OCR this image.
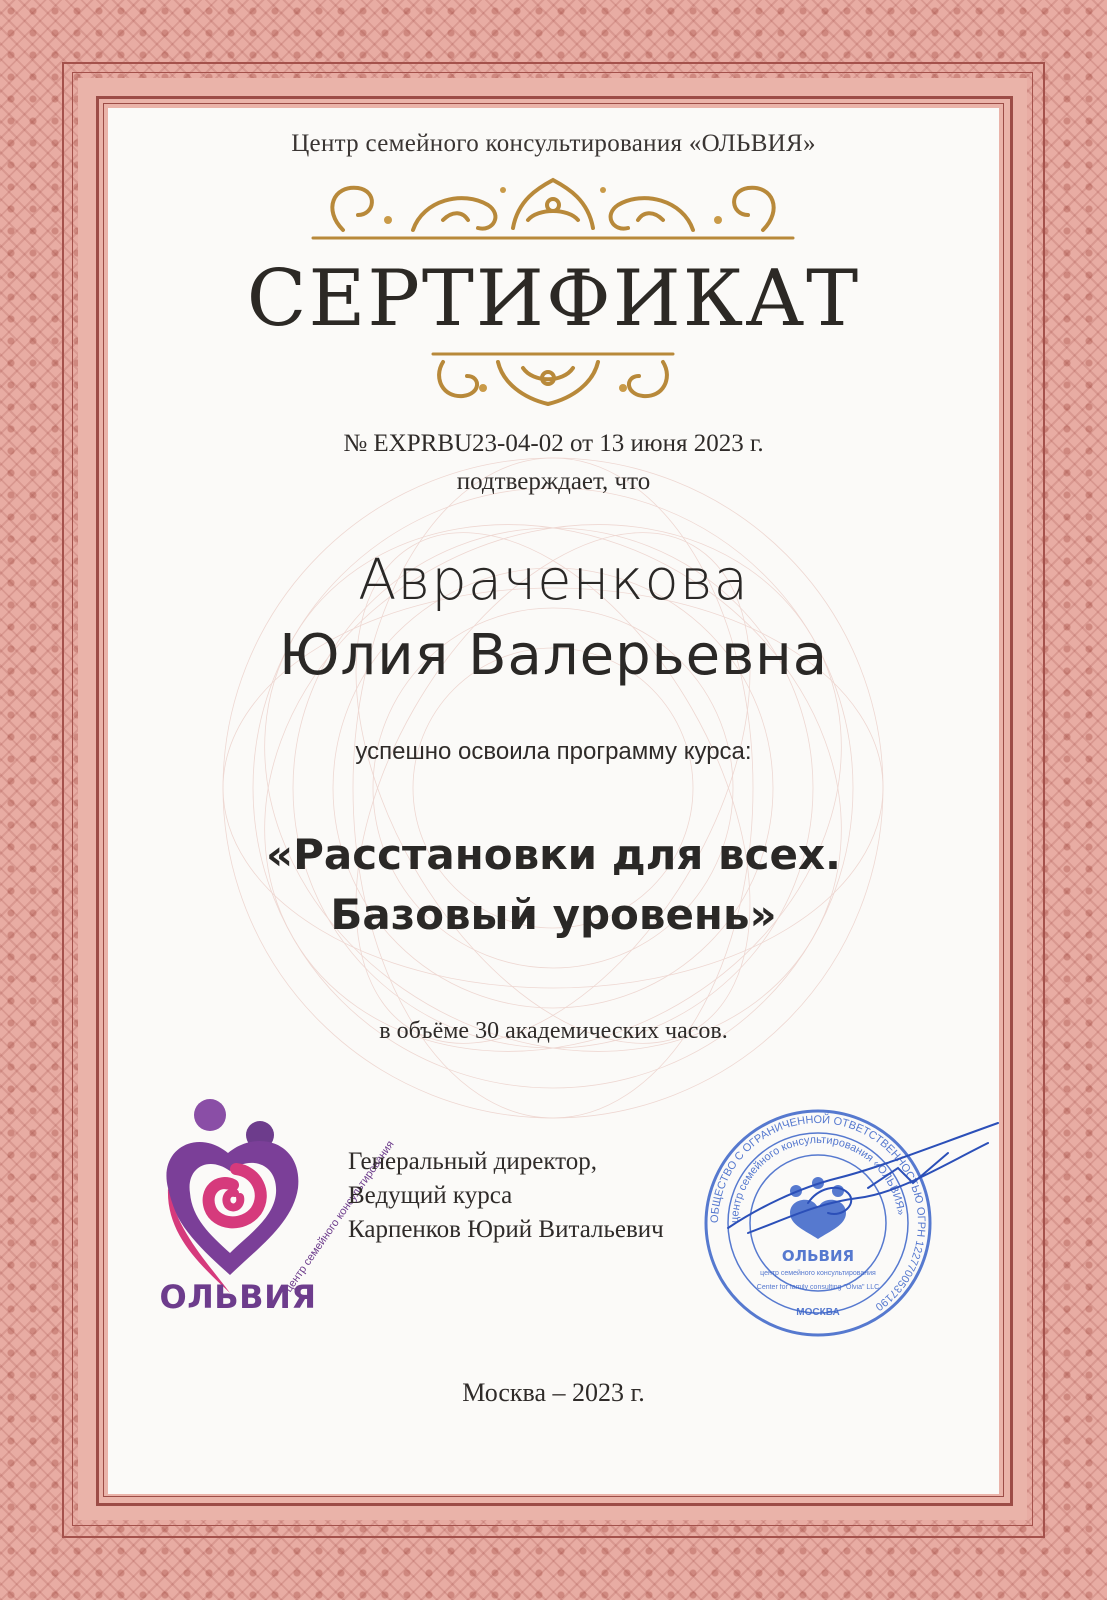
Центр семейного консультирования «ОЛЬВИЯ»
СЕРТИФИКАТ
№ EXPRBU23-04-02 от 13 июня 2023 г.
подтверждает, что
Авраченкова
Юлия Валерьевна
успешно освоила программу курса:
«Расстановки для всех.
Базовый уровень»
в объёме 30 академических часов.
центр семейного консультирования
ОЛЬВИЯ
Генеральный директор,
Ведущий курса
Карпенков Юрий Витальевич	ОБЩЕСТВО С ОГРАНИЧЕННОЙ ОТВЕТСТВЕННОСТЬЮ ОГРН 1227700537190
центр семейного консультирования «ОЛЬВИЯ»
ОЛЬВИЯ
центр семейного консультирования
Center for family consulting "Olvia" LLC
МОСКВА
Москва – 2023 г.
